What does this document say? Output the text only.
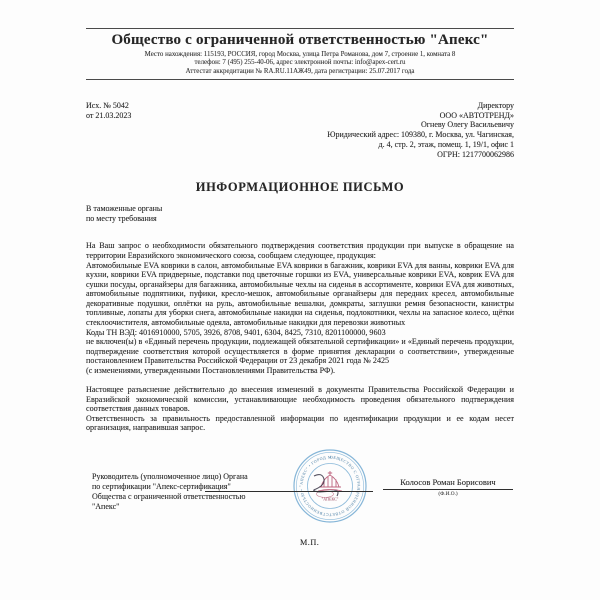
Общество с ограниченной ответственностью "Апекс"
Место нахождения: 115193, РОССИЯ, город Москва, улица Петра Романова, дом 7, строение 1, комната 8
телефон: 7 (495) 255-40-06, адрес электронной почты: info@apex-cert.ru
Аттестат аккредитации № RA.RU.11АЖ49, дата регистрации: 25.07.2017 года
Исх. № 5042
от 21.03.2023
Директору
ООО «АВТОТРЕНД»
Огневу Олегу Васильевичу
Юридический адрес: 109380, г. Москва, ул. Чагинская,
д. 4, стр. 2, этаж, помещ. 1, 19/1, офис 1
ОГРН: 1217700062986
ИНФОРМАЦИОННОЕ ПИСЬМО
В таможенные органы
по месту требования

На Ваш запрос о необходимости обязательного подтверждения соответствия продукции при выпуске в обращение на территории Евразийского экономического союза, сообщаем следующее, продукция:

Автомобильные EVA коврики в салон, автомобильные EVA коврики в багажник, коврики EVA для ванны, коврики EVA для кухни, коврики EVA придверные, подставки под цветочные горшки из EVA, универсальные коврики EVA, коврик EVA для сушки посуды, органайзеры для багажника, автомобильные чехлы на сиденья в ассортименте, коврики EVA для животных, автомобильные подпятники, пуфики, кресло-мешок, автомобильные органайзеры для передних кресел, автомобильные декоративные подушки, оплётки на руль, автомобильные вешалки, домкраты, заглушки ремня безопасности, канистры топливные, лопаты для уборки снега, автомобильные накидки на сиденья, подлокотники, чехлы на запасное колесо, щётки стеклоочистителя, автомобильные одеяла, автомобильные накидки для перевозки животных

Коды ТН ВЭД: 4016910000, 5705, 3926, 8708, 9401, 6304, 8425, 7310, 8201100000, 9603

не включен(ы) в «Единый перечень продукции, подлежащей обязательной сертификации» и «Единый перечень продукции, подтверждение соответствия которой осуществляется в форме принятия декларации о соответствии», утвержденные постановлением Правительства Российской Федерации от 23 декабря 2021 года № 2425

(с изменениями, утвержденными Постановлениями Правительства РФ).

Настоящее разъяснение действительно до внесения изменений в документы Правительства Российской Федерации и Евразийской экономической комиссии, устанавливающие необходимость проведения обязательного подтверждения соответствия данных товаров.

Ответственность за правильность предоставленной информации по идентификации продукции и ее кодам несет организация, направившая запрос.

Руководитель (уполномоченное лицо) Органа по сертификации "Апекс-сертификация" Общества с ограниченной ответственностью "Апекс"
ОБЩЕСТВО С ОГРАНИЧЕННОЙ ОТВЕТСТВЕННОСТЬЮ • "АПЕКС" • ГОРОД МОСКВА •
"АПЕКС"
Колосов Роман Борисович
(Ф.И.О.)
М.П.
